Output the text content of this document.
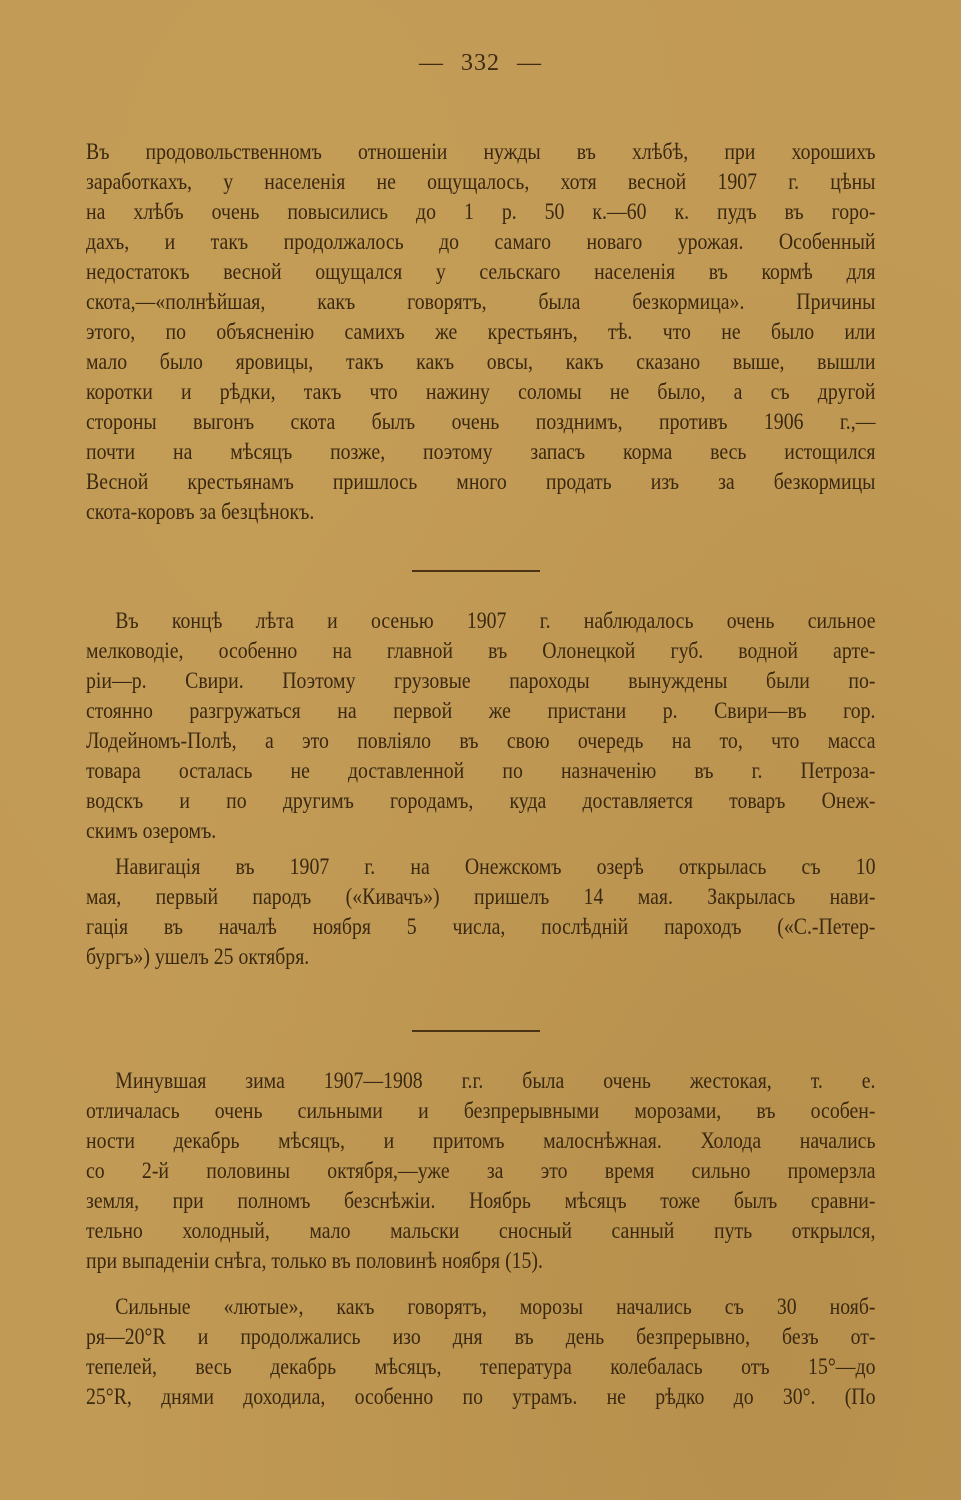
— 332 —
Въ продовольственномъ отношеніи нужды въ хлѣбѣ, при хорошихъ
заработкахъ, у населенія не ощущалось, хотя весной 1907 г. цѣны
на хлѣбъ очень повысились до 1 р. 50 к.—60 к. пудъ въ горо-
дахъ, и такъ продолжалось до самаго новаго урожая. Особенный
недостатокъ весной ощущался у сельскаго населенія въ кормѣ для
скота,—«полнѣйшая, какъ говорятъ, была безкормица». Причины
этого, по объясненію самихъ же крестьянъ, тѣ. что не было или
мало было яровицы, такъ какъ овсы, какъ сказано выше, вышли
коротки и рѣдки, такъ что нажину соломы не было, а съ другой
стороны выгонъ скота былъ очень позднимъ, противъ 1906 г.,—
почти на мѣсяцъ позже, поэтому запасъ корма весь истощился
Весной крестьянамъ пришлось много продать изъ за безкормицы
скота-коровъ за безцѣнокъ.
Въ концѣ лѣта и осенью 1907 г. наблюдалось очень сильное
мелководіе, особенно на главной въ Олонецкой губ. водной арте-
ріи—р. Свири. Поэтому грузовые пароходы вынуждены были по-
стоянно разгружаться на первой же пристани р. Свири—въ гор.
Лодейномъ-Полѣ, а это повліяло въ свою очередь на то, что масса
товара осталась не доставленной по назначенію въ г. Петроза-
водскъ и по другимъ городамъ, куда доставляется товаръ Онеж-
скимъ озеромъ.
Навигація въ 1907 г. на Онежскомъ озерѣ открылась съ 10
мая, первый пародъ («Кивачъ») пришелъ 14 мая. Закрылась нави-
гація въ началѣ ноября 5 числа, послѣдній пароходъ («С.-Петер-
бургъ») ушелъ 25 октября.
Минувшая зима 1907—1908 г.г. была очень жестокая, т. е.
отличалась очень сильными и безпрерывными морозами, въ особен-
ности декабрь мѣсяцъ, и притомъ малоснѣжная. Холода начались
со 2-й половины октября,—уже за это время сильно промерзла
земля, при полномъ безснѣжіи. Ноябрь мѣсяцъ тоже былъ сравни-
тельно холодный, мало мальски сносный санный путь открылся,
при выпаденіи снѣга, только въ половинѣ ноября (15).
Сильные «лютые», какъ говорятъ, морозы начались съ 30 нояб-
ря—20°R и продолжались изо дня въ день безпрерывно, безъ от-
тепелей, весь декабрь мѣсяцъ, тепература колебалась отъ 15°—до
25°R, днями доходила, особенно по утрамъ. не рѣдко до 30°. (По
